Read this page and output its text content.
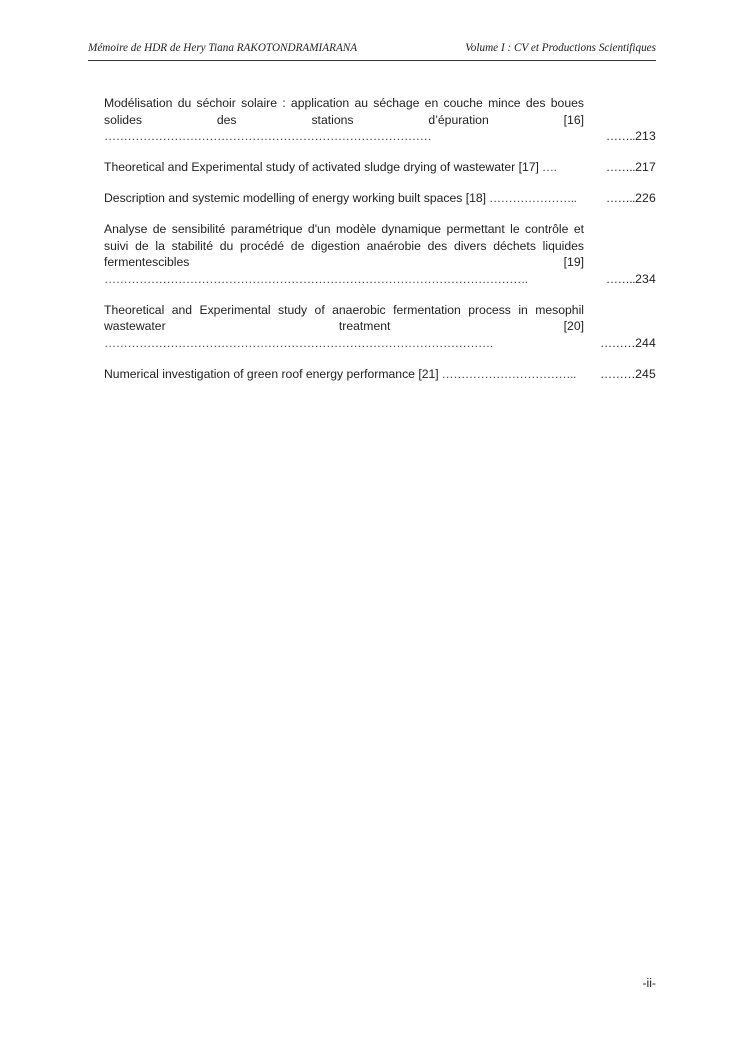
Mémoire de HDR de Hery Tiana RAKOTONDRAMIARANA	Volume I : CV et Productions Scientifiques
Modélisation du séchoir solaire : application au séchage en couche mince des boues solides des stations d’épuration [16] …………………………………………………………………………	……..213
Theoretical and Experimental study of activated sludge drying of wastewater [17] ….	……..217
Description and systemic modelling of energy working built spaces [18] …………………..	……..226
Analyse de sensibilité paramétrique d'un modèle dynamique permettant le contrôle et suivi de la stabilité du procédé de digestion anaérobie des divers déchets liquides fermentescibles [19] ……………………………………………………………………………………………….	……..234
Theoretical and Experimental study of anaerobic fermentation process in mesophil wastewater treatment [20] ……………………………………………………………………………………….	………244
Numerical investigation of green roof energy performance [21] ……………………………..	………245
-ii-
